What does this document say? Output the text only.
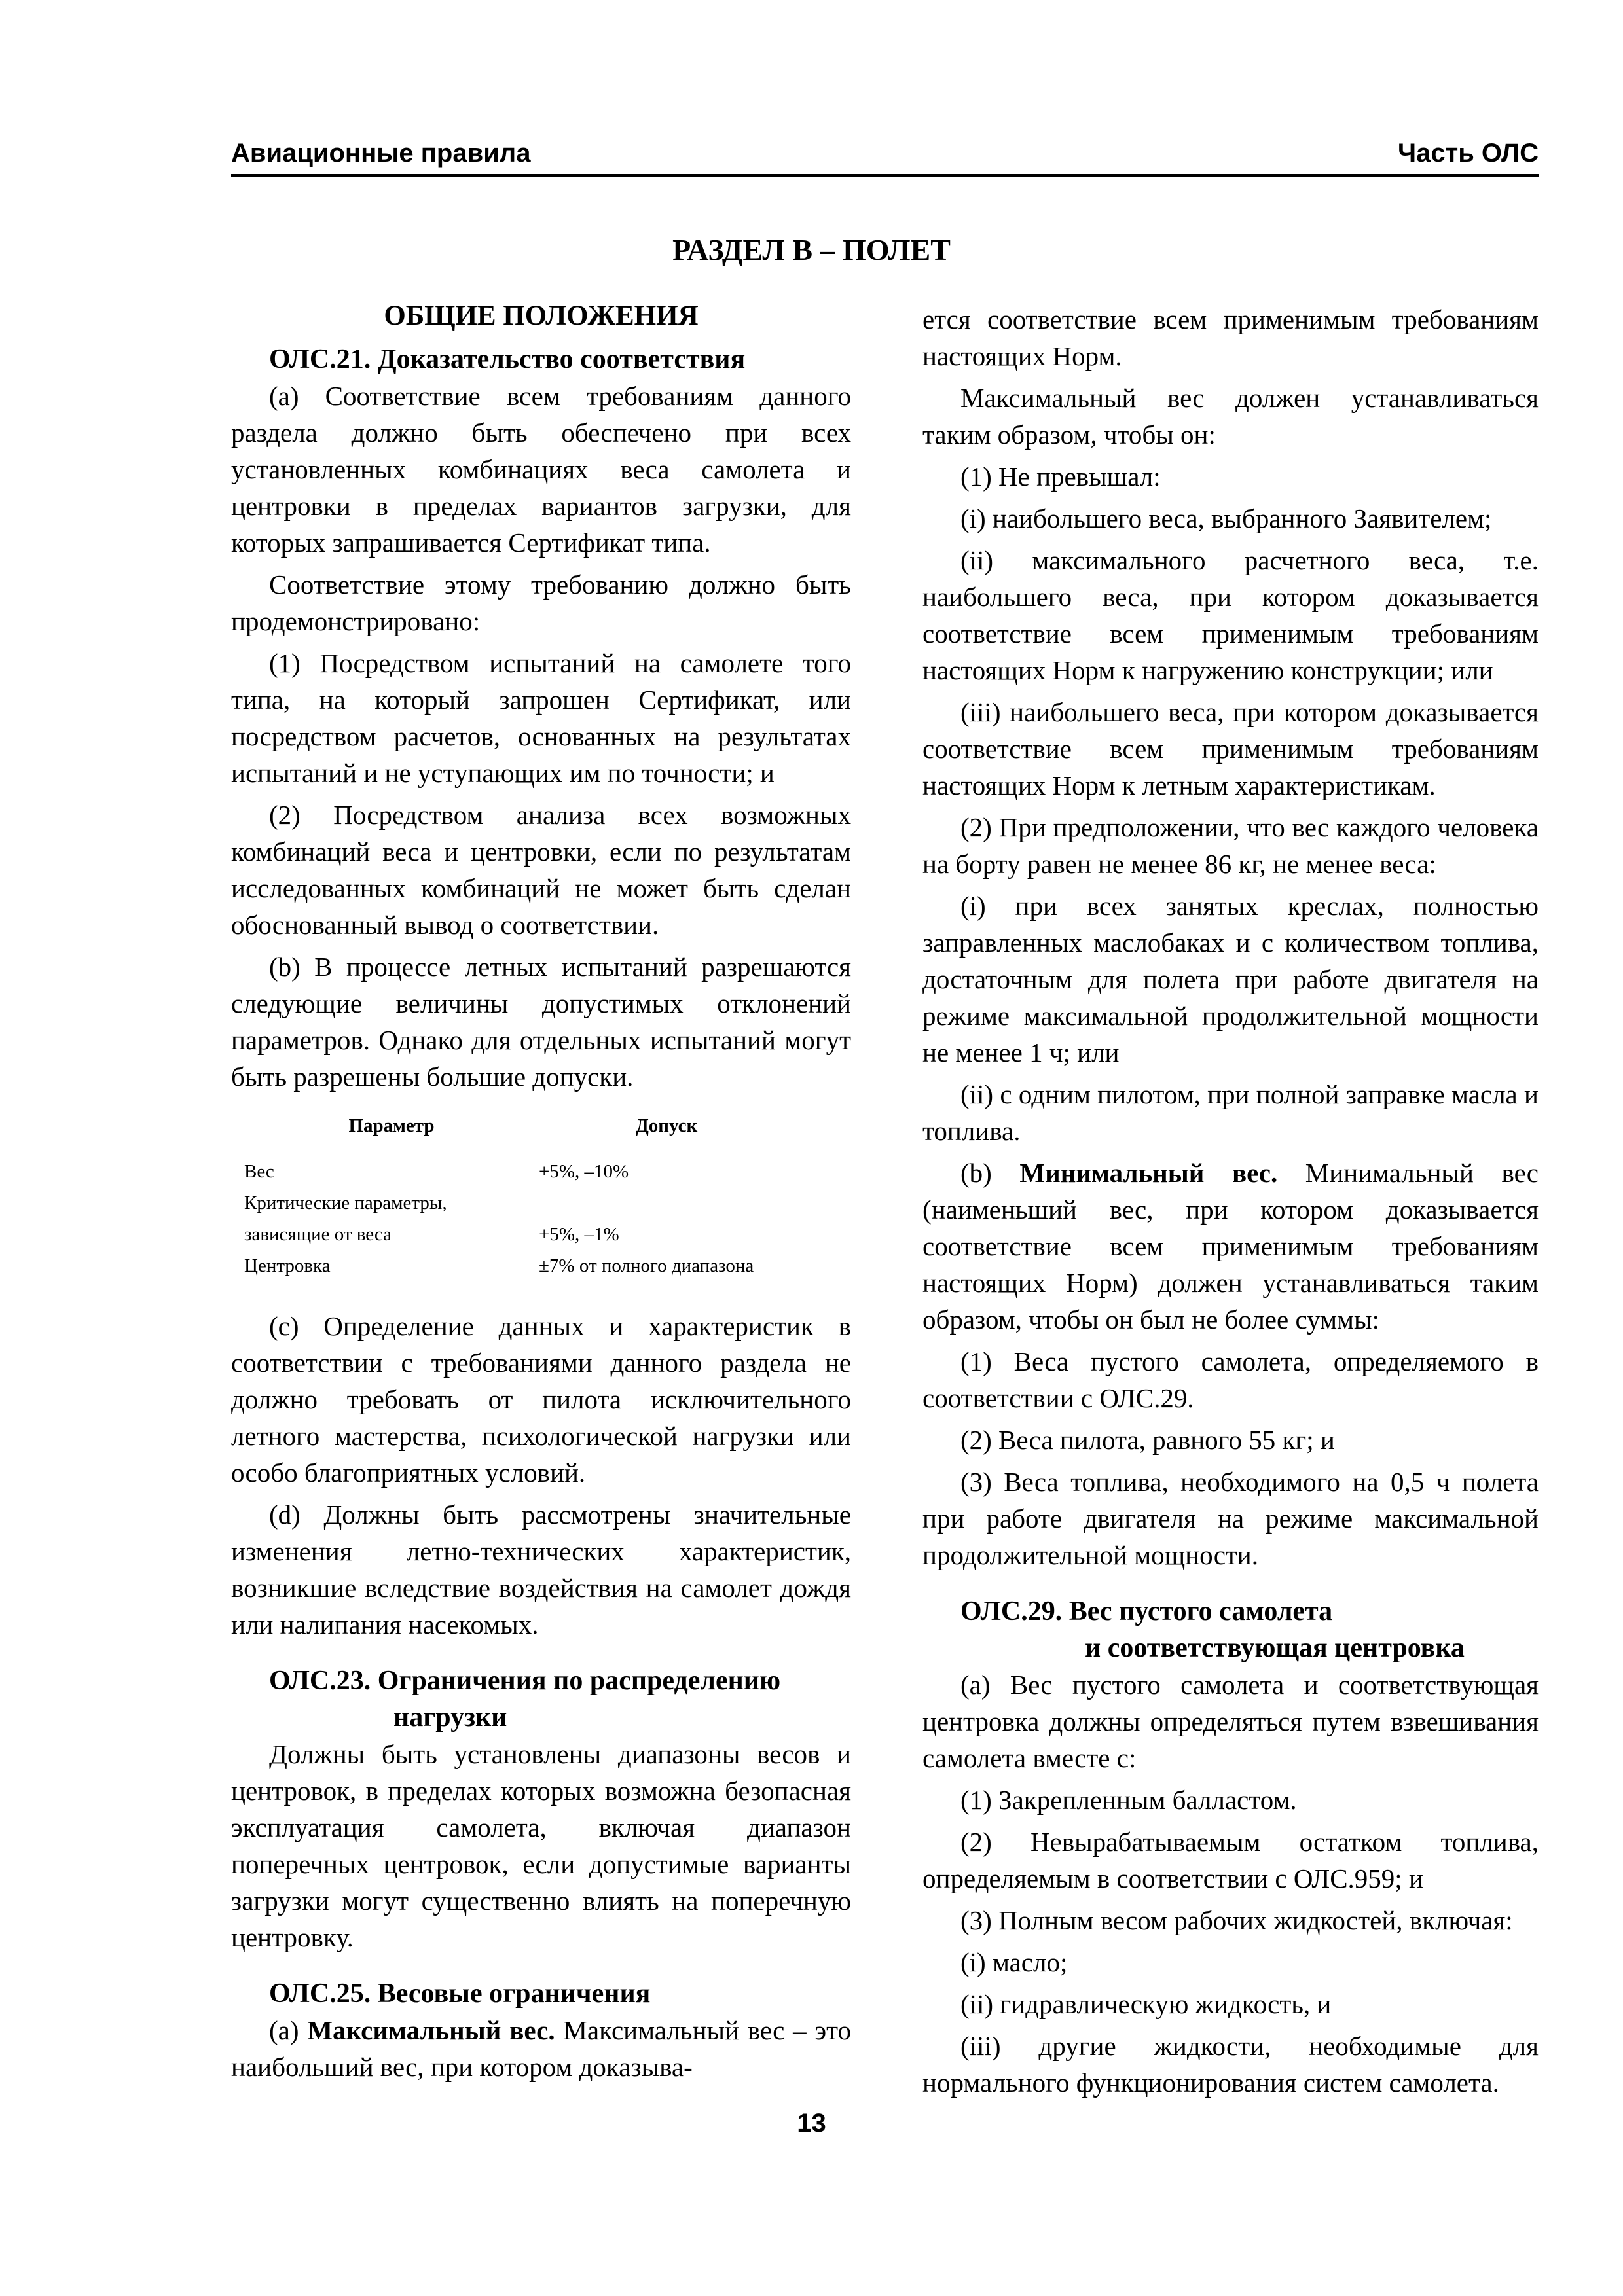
Авиационные правила	Часть ОЛС
РАЗДЕЛ В – ПОЛЕТ
ОБЩИЕ ПОЛОЖЕНИЯ

ОЛС.21. Доказательство соответствия

(a) Соответствие всем требованиям данного раздела должно быть обеспечено при всех установленных комбинациях веса самолета и центровки в пределах вариантов загрузки, для которых запрашивается Сертификат типа.

Соответствие этому требованию должно быть продемонстрировано:

(1) Посредством испытаний на самолете того типа, на который запрошен Сертификат, или посредством расчетов, основанных на результатах испытаний и не уступающих им по точности; и

(2) Посредством анализа всех возможных комбинаций веса и центровки, если по результатам исследованных комбинаций не может быть сделан обоснованный вывод о соответствии.

(b) В процессе летных испытаний разрешаются следующие величины допустимых отклонений параметров. Однако для отдельных испытаний могут быть разрешены большие допуски.

Параметр	Допуск
Вес	+5%, –10%
Критические параметры,	
зависящие от веса	+5%, –1%
Центровка	±7% от полного диапазона

(c) Определение данных и характеристик в соответствии с требованиями данного раздела не должно требовать от пилота исключительного летного мастерства, психологической нагрузки или особо благоприятных условий.

(d) Должны быть рассмотрены значительные изменения летно-технических характеристик, возникшие вследствие воздействия на самолет дождя или налипания насекомых.

ОЛС.23. Ограничения по распределению
нагрузки

Должны быть установлены диапазоны весов и центровок, в пределах которых возможна безопасная эксплуатация самолета, включая диапазон поперечных центровок, если допустимые варианты загрузки могут существенно влиять на поперечную центровку.

ОЛС.25. Весовые ограничения

(a) Максимальный вес. Максимальный вес – это наибольший вес, при котором доказыва-

ется соответствие всем применимым требованиям настоящих Норм.

Максимальный вес должен устанавливаться таким образом, чтобы он:

(1) Не превышал:

(i) наибольшего веса, выбранного Заявителем;

(ii) максимального расчетного веса, т.е. наибольшего веса, при котором доказывается соответствие всем применимым требованиям настоящих Норм к нагружению конструкции; или

(iii) наибольшего веса, при котором доказывается соответствие всем применимым требованиям настоящих Норм к летным характеристикам.

(2) При предположении, что вес каждого человека на борту равен не менее 86 кг, не менее веса:

(i) при всех занятых креслах, полностью заправленных маслобаках и с количеством топлива, достаточным для полета при работе двигателя на режиме максимальной продолжительной мощности не менее 1 ч; или

(ii) с одним пилотом, при полной заправке масла и топлива.

(b) Минимальный вес. Минимальный вес (наименьший вес, при котором доказывается соответствие всем применимым требованиям настоящих Норм) должен устанавливаться таким образом, чтобы он был не более суммы:

(1) Веса пустого самолета, определяемого в соответствии с ОЛС.29.

(2) Веса пилота, равного 55 кг; и

(3) Веса топлива, необходимого на 0,5 ч полета при работе двигателя на режиме максимальной продолжительной мощности.

ОЛС.29. Вес пустого самолета
и соответствующая центровка

(a) Вес пустого самолета и соответствующая центровка должны определяться путем взвешивания самолета вместе с:

(1) Закрепленным балластом.

(2) Невырабатываемым остатком топлива, определяемым в соответствии с ОЛС.959; и

(3) Полным весом рабочих жидкостей, включая:

(i) масло;

(ii) гидравлическую жидкость, и

(iii) другие жидкости, необходимые для нормального функционирования систем самолета.

13
